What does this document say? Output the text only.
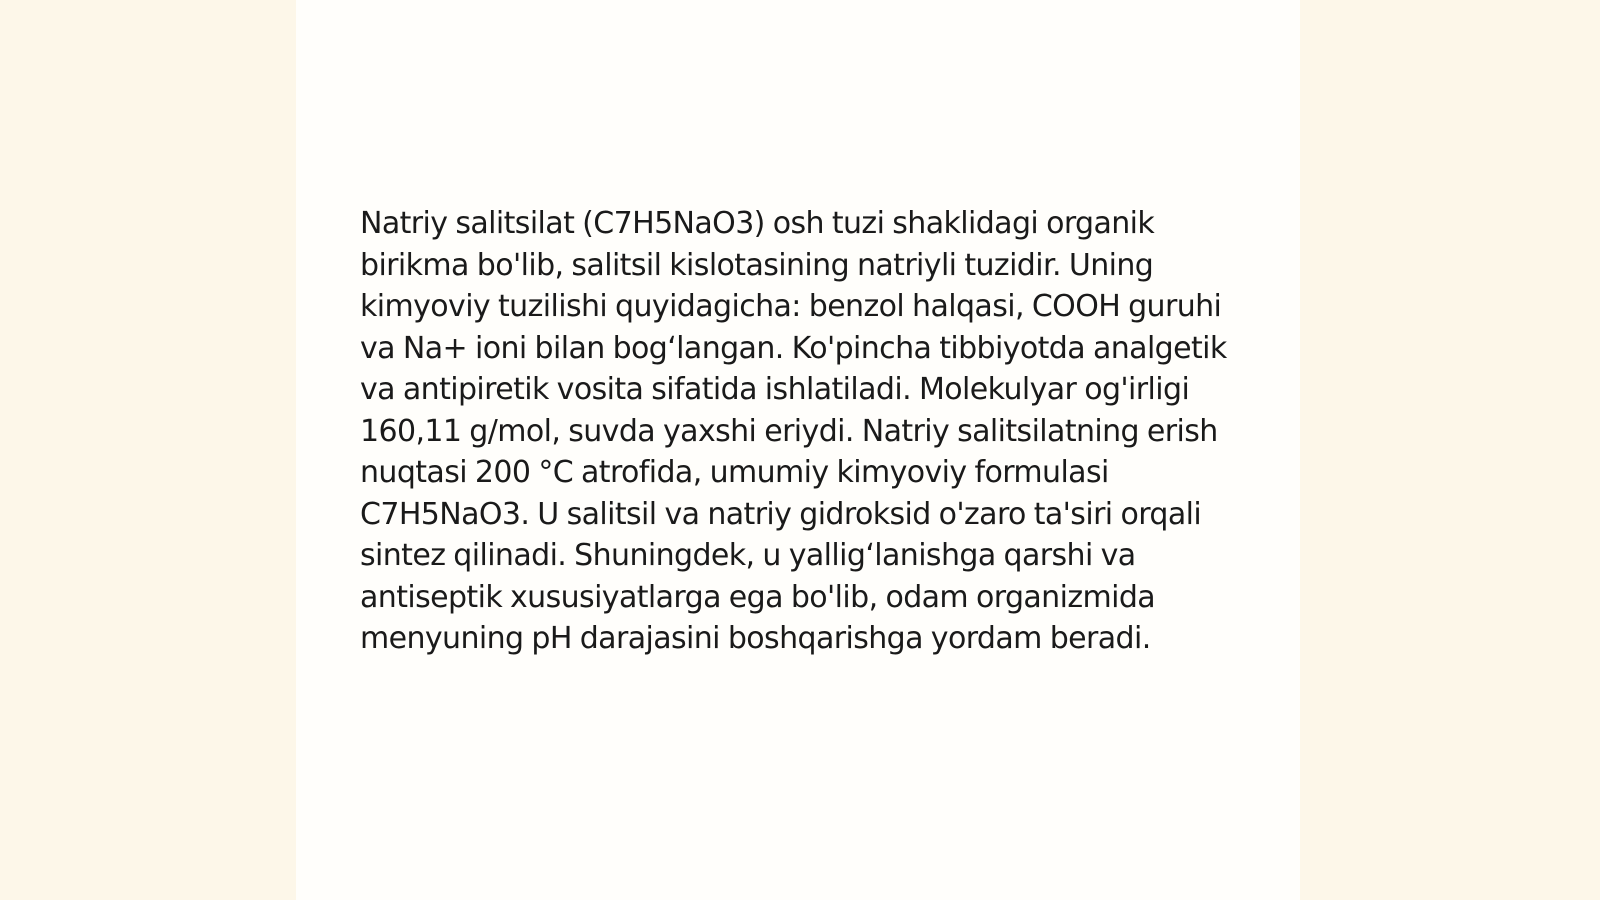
Natriy salitsilat (C7H5NaO3) osh tuzi shaklidagi organik birikma bo'lib, salitsil kislotasining natriyli tuzidir. Uning kimyoviy tuzilishi quyidagicha: benzol halqasi, COOH guruhi va Na+ ioni bilan bog‘langan. Ko'pincha tibbiyotda analgetik va antipiretik vosita sifatida ishlatiladi. Molekulyar og'irligi 160,11 g/mol, suvda yaxshi eriydi. Natriy salitsilatning erish nuqtasi 200 °C atrofida, umumiy kimyoviy formulasi C7H5NaO3. U salitsil va natriy gidroksid o'zaro ta'siri orqali sintez qilinadi. Shuningdek, u yallig‘lanishga qarshi va antiseptik xususiyatlarga ega bo'lib, odam organizmida menyuning pH darajasini boshqarishga yordam beradi.
